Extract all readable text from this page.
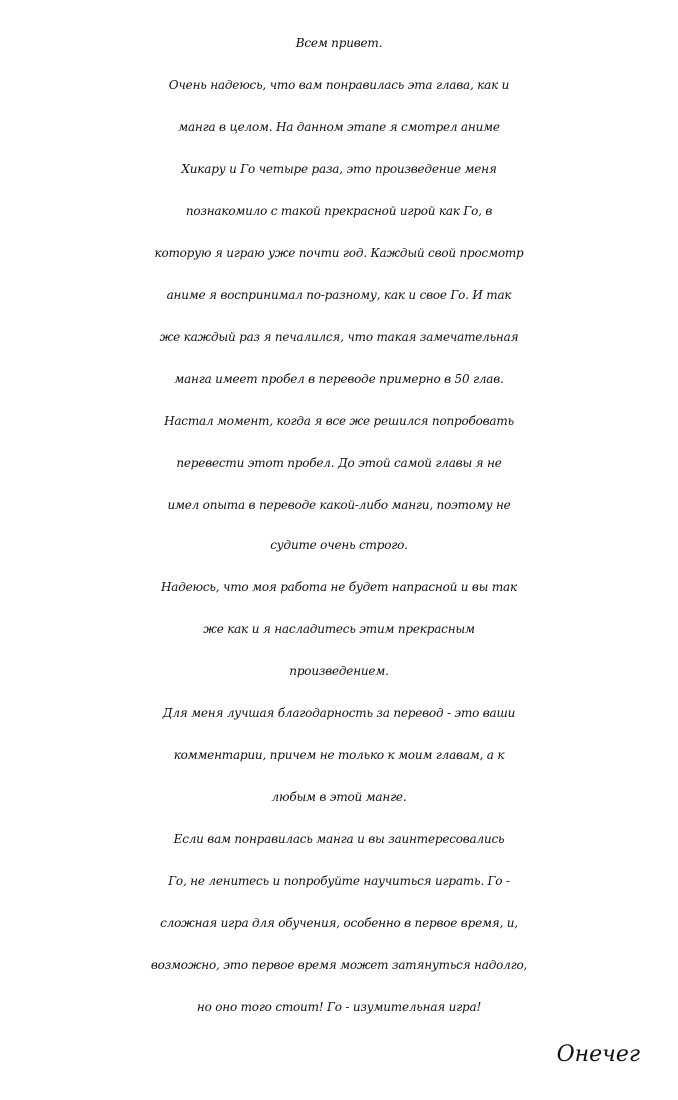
Всем привет.
Очень надеюсь, что вам понравилась эта глава, как и
манга в целом. На данном этапе я смотрел аниме
Хикару и Го четыре раза, это произведение меня
познакомило с такой прекрасной игрой как Го, в
которую я играю уже почти год. Каждый свой просмотр
аниме я воспринимал по-разному, как и свое Го. И так
же каждый раз я печалился, что такая замечательная
манга имеет пробел в переводе примерно в 50 глав.
Настал момент, когда я все же решился попробовать
перевести этот пробел. До этой самой главы я не
имел опыта в переводе какой-либо манги, поэтому не
судите очень строго.
Надеюсь, что моя работа не будет напрасной и вы так
же как и я насладитесь этим прекрасным
произведением.
Для меня лучшая благодарность за перевод - это ваши
комментарии, причем не только к моим главам, а к
любым в этой манге.
Если вам понравилась манга и вы заинтересовались
Го, не ленитесь и попробуйте научиться играть. Го -
сложная игра для обучения, особенно в первое время, и,
возможно, это первое время может затянуться надолго,
но оно того стоит! Го - изумительная игра!
Онечег
